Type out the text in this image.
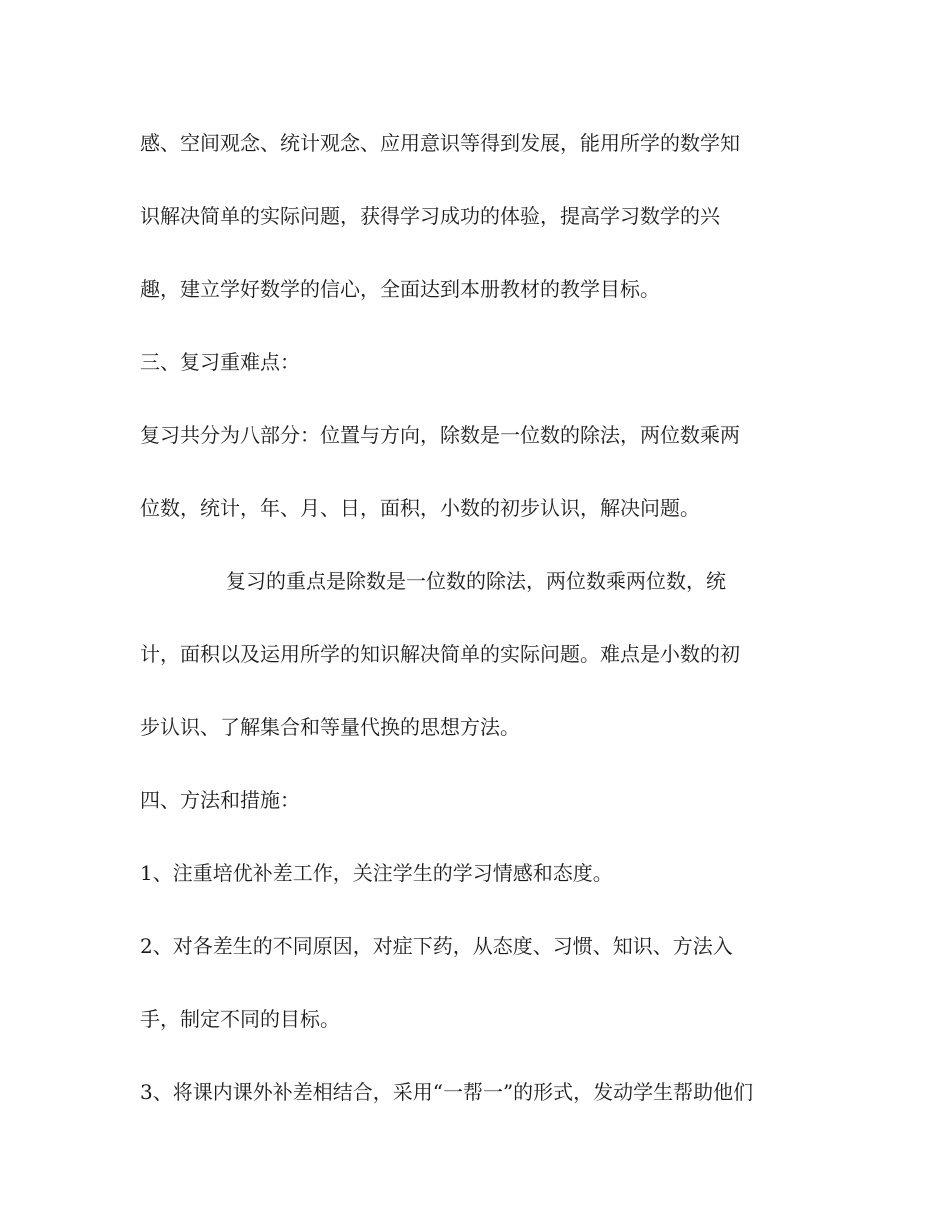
感、空间观念、统计观念、应用意识等得到发展，能用所学的数学知
识解决简单的实际问题，获得学习成功的体验，提高学习数学的兴
趣，建立学好数学的信心，全面达到本册教材的教学目标。
三、复习重难点：
复习共分为八部分：位置与方向，除数是一位数的除法，两位数乘两
位数，统计，年、月、日，面积，小数的初步认识，解决问题。
复习的重点是除数是一位数的除法，两位数乘两位数，统
计，面积以及运用所学的知识解决简单的实际问题。难点是小数的初
步认识、了解集合和等量代换的思想方法。
四、方法和措施：
1、注重培优补差工作，关注学生的学习情感和态度。
2、对各差生的不同原因，对症下药，从态度、习惯、知识、方法入
手，制定不同的目标。
3、将课内课外补差相结合，采用“一帮一”的形式，发动学生帮助他们
